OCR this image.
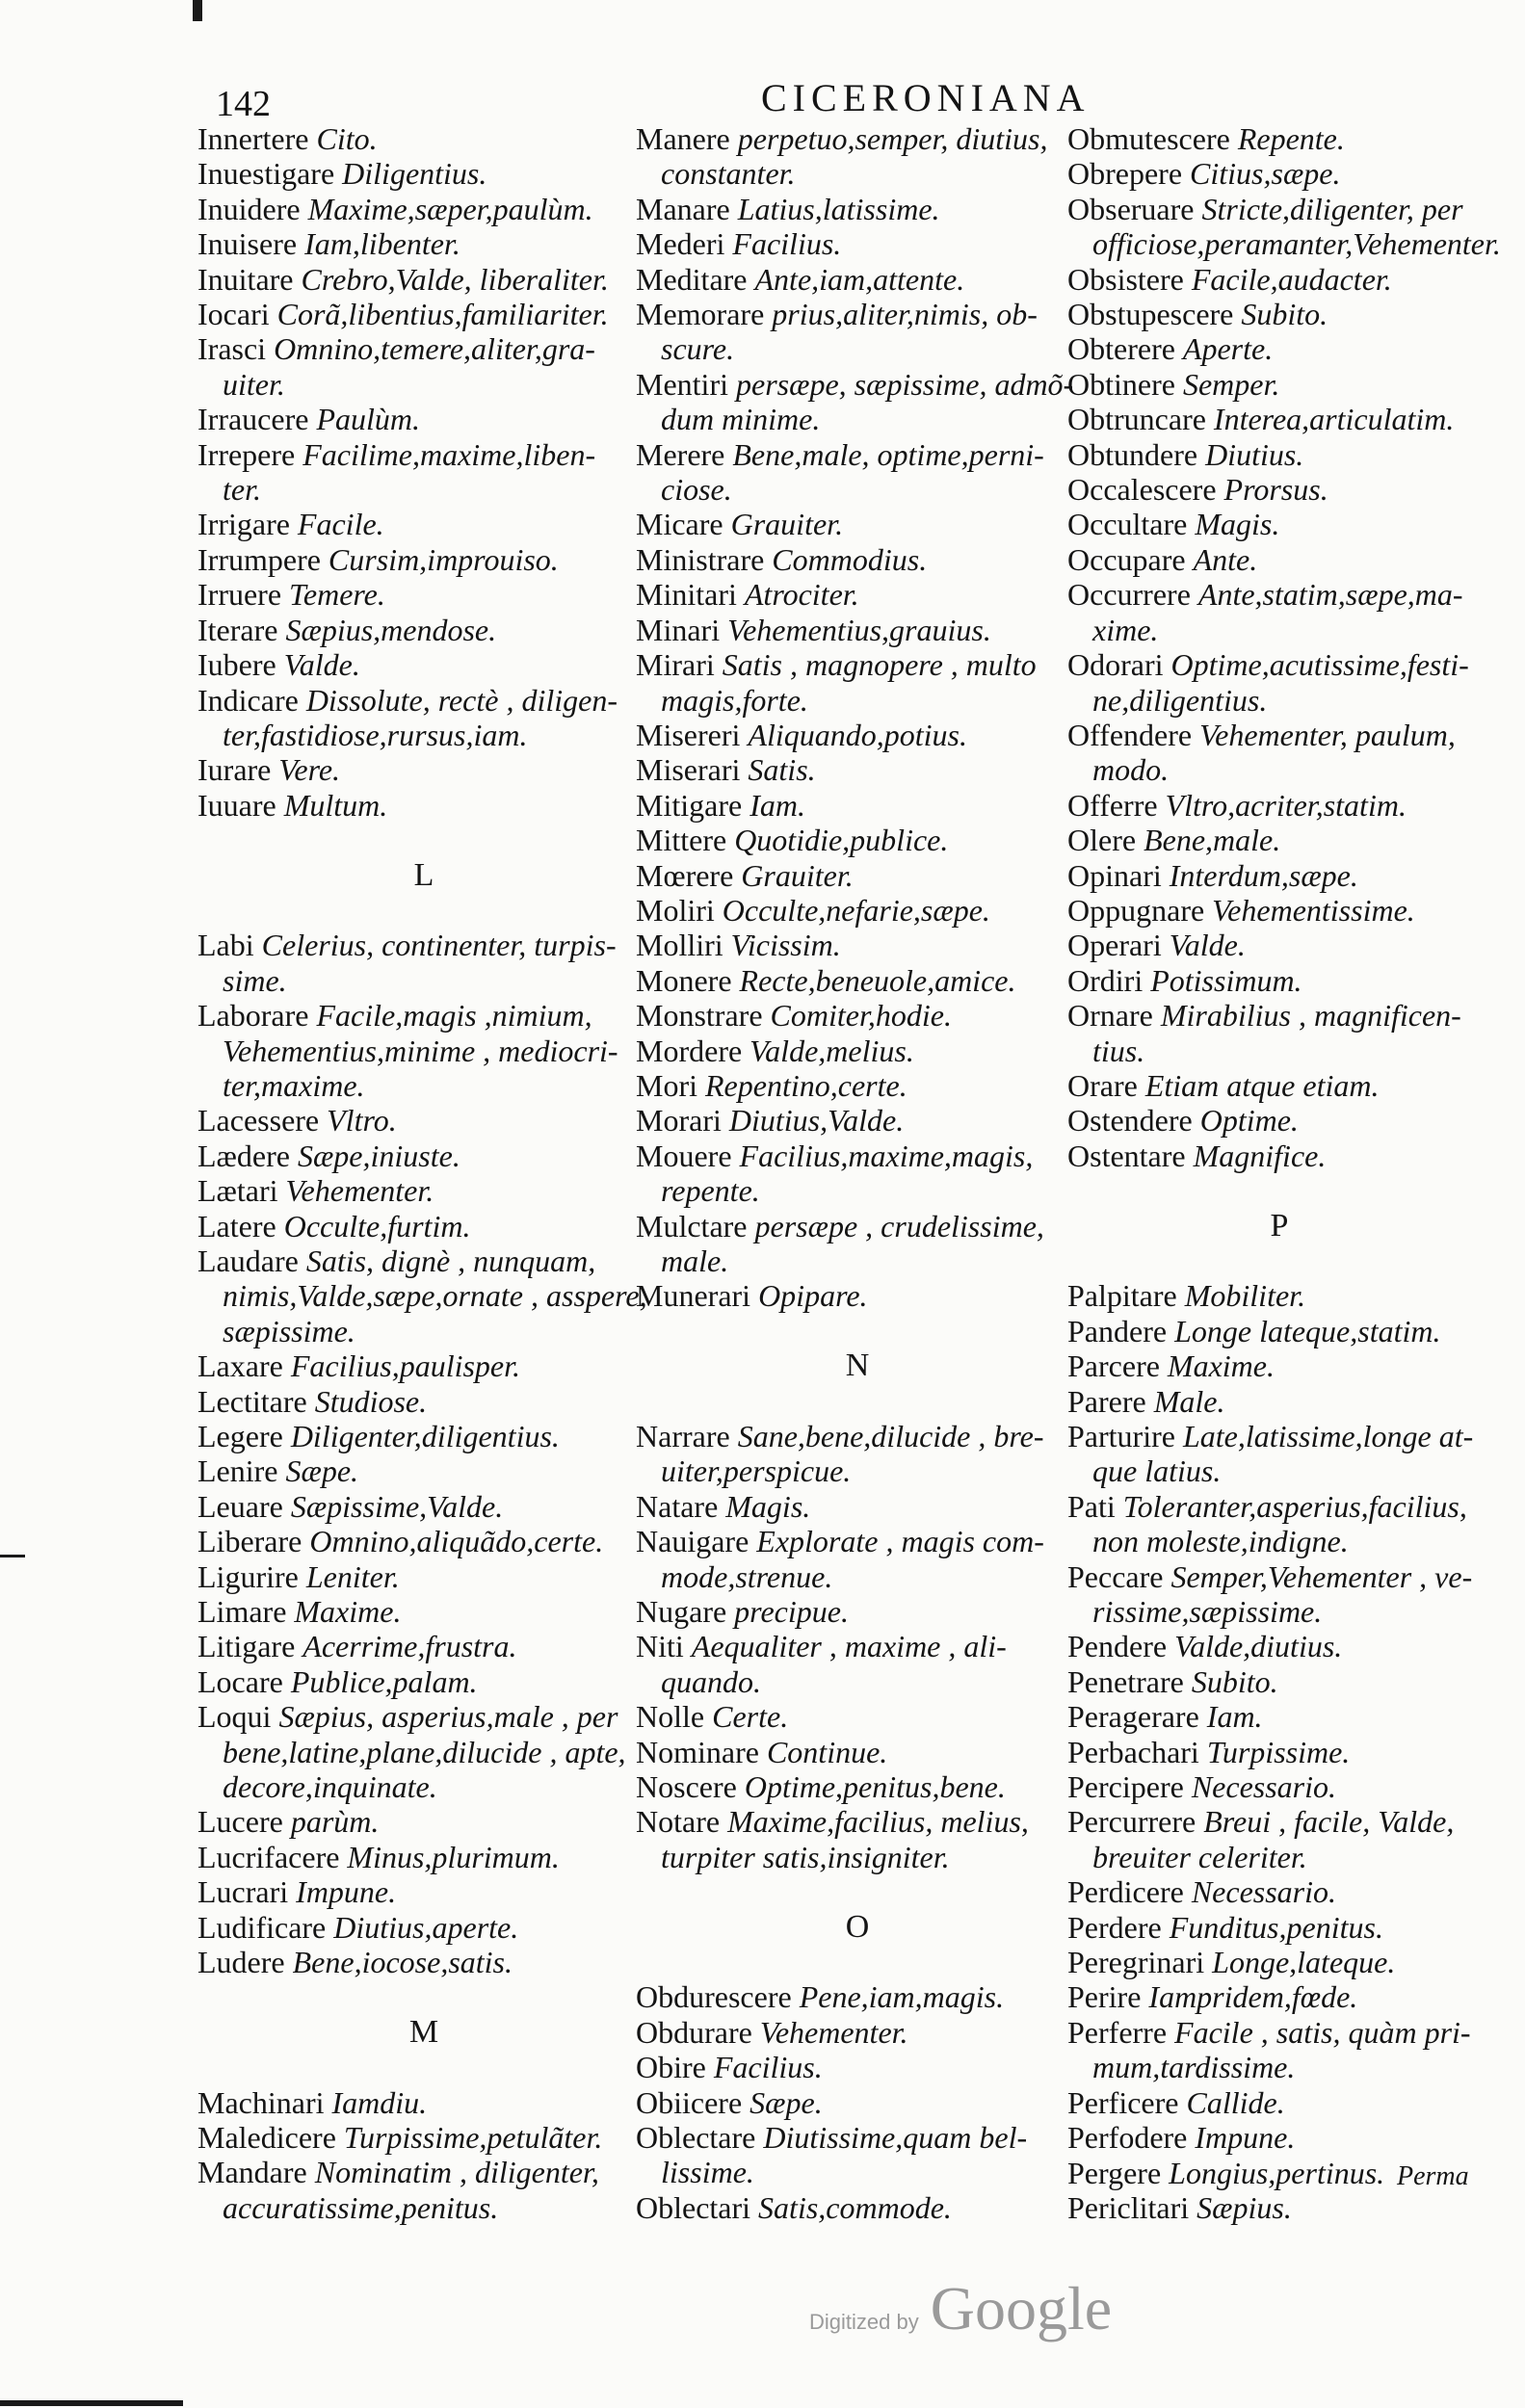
142	CICERONIANA
Innertere Cito.
Inuestigare Diligentius.
Inuidere Maxime,sæper,paulùm.
Inuisere Iam,libenter.
Inuitare Crebro,Valde, liberaliter.
Iocari Corã,libentius,familiariter.
Irasci Omnino,temere,aliter,gra-
uiter.
Irraucere Paulùm.
Irrepere Facilime,maxime,liben-
ter.
Irrigare Facile.
Irrumpere Cursim,improuiso.
Irruere Temere.
Iterare Sæpius,mendose.
Iubere Valde.
Indicare Dissolute, rectè , diligen-
ter,fastidiose,rursus,iam.
Iurare Vere.
Iuuare Multum.
L
Labi Celerius, continenter, turpis-
sime.
Laborare Facile,magis ,nimium,
Vehementius,minime , mediocri-
ter,maxime.
Lacessere Vltro.
Lædere Sæpe,iniuste.
Lætari Vehementer.
Latere Occulte,furtim.
Laudare Satis, dignè , nunquam,
nimis,Valde,sæpe,ornate , asspere,
sæpissime.
Laxare Facilius,paulisper.
Lectitare Studiose.
Legere Diligenter,diligentius.
Lenire Sæpe.
Leuare Sæpissime,Valde.
Liberare Omnino,aliquãdo,certe.
Ligurire Leniter.
Limare Maxime.
Litigare Acerrime,frustra.
Locare Publice,palam.
Loqui Sæpius, asperius,male , per
bene,latine,plane,dilucide , apte,
decore,inquinate.
Lucere parùm.
Lucrifacere Minus,plurimum.
Lucrari Impune.
Ludificare Diutius,aperte.
Ludere Bene,iocose,satis.
M
Machinari Iamdiu.
Maledicere Turpissime,petulãter.
Mandare Nominatim , diligenter,
accuratissime,penitus.
Manere perpetuo,semper, diutius,
constanter.
Manare Latius,latissime.
Mederi Facilius.
Meditare Ante,iam,attente.
Memorare prius,aliter,nimis, ob-
scure.
Mentiri persæpe, sæpissime, admõ-
dum minime.
Merere Bene,male, optime,perni-
ciose.
Micare Grauiter.
Ministrare Commodius.
Minitari Atrociter.
Minari Vehementius,grauius.
Mirari Satis , magnopere , multo
magis,forte.
Misereri Aliquando,potius.
Miserari Satis.
Mitigare Iam.
Mittere Quotidie,publice.
Mœrere Grauiter.
Moliri Occulte,nefarie,sæpe.
Molliri Vicissim.
Monere Recte,beneuole,amice.
Monstrare Comiter,hodie.
Mordere Valde,melius.
Mori Repentino,certe.
Morari Diutius,Valde.
Mouere Facilius,maxime,magis,
repente.
Mulctare persæpe , crudelissime,
male.
Munerari Opipare.
N
Narrare Sane,bene,dilucide , bre-
uiter,perspicue.
Natare Magis.
Nauigare Explorate , magis com-
mode,strenue.
Nugare precipue.
Niti Aequaliter , maxime , ali-
quando.
Nolle Certe.
Nominare Continue.
Noscere Optime,penitus,bene.
Notare Maxime,facilius, melius,
turpiter satis,insigniter.
O
Obdurescere Pene,iam,magis.
Obdurare Vehementer.
Obire Facilius.
Obiicere Sæpe.
Oblectare Diutissime,quam bel-
lissime.
Oblectari Satis,commode.
Obmutescere Repente.
Obrepere Citius,sæpe.
Obseruare Stricte,diligenter, per
officiose,peramanter,Vehementer.
Obsistere Facile,audacter.
Obstupescere Subito.
Obterere Aperte.
Obtinere Semper.
Obtruncare Interea,articulatim.
Obtundere Diutius.
Occalescere Prorsus.
Occultare Magis.
Occupare Ante.
Occurrere Ante,statim,sæpe,ma-
xime.
Odorari Optime,acutissime,festi-
ne,diligentius.
Offendere Vehementer, paulum,
modo.
Offerre Vltro,acriter,statim.
Olere Bene,male.
Opinari Interdum,sæpe.
Oppugnare Vehementissime.
Operari Valde.
Ordiri Potissimum.
Ornare Mirabilius , magnificen-
tius.
Orare Etiam atque etiam.
Ostendere Optime.
Ostentare Magnifice.
P
Palpitare Mobiliter.
Pandere Longe lateque,statim.
Parcere Maxime.
Parere Male.
Parturire Late,latissime,longe at-
que latius.
Pati Toleranter,asperius,facilius,
non moleste,indigne.
Peccare Semper,Vehementer , ve-
rissime,sæpissime.
Pendere Valde,diutius.
Penetrare Subito.
Peragerare Iam.
Perbachari Turpissime.
Percipere Necessario.
Percurrere Breui , facile, Valde,
breuiter celeriter.
Perdicere Necessario.
Perdere Funditus,penitus.
Peregrinari Longe,lateque.
Perire Iampridem,fœde.
Perferre Facile , satis, quàm pri-
mum,tardissime.
Perficere Callide.
Perfodere Impune.
Pergere Longius,pertinus.
Periclitari Sæpius.
Perma
Digitized by Google
